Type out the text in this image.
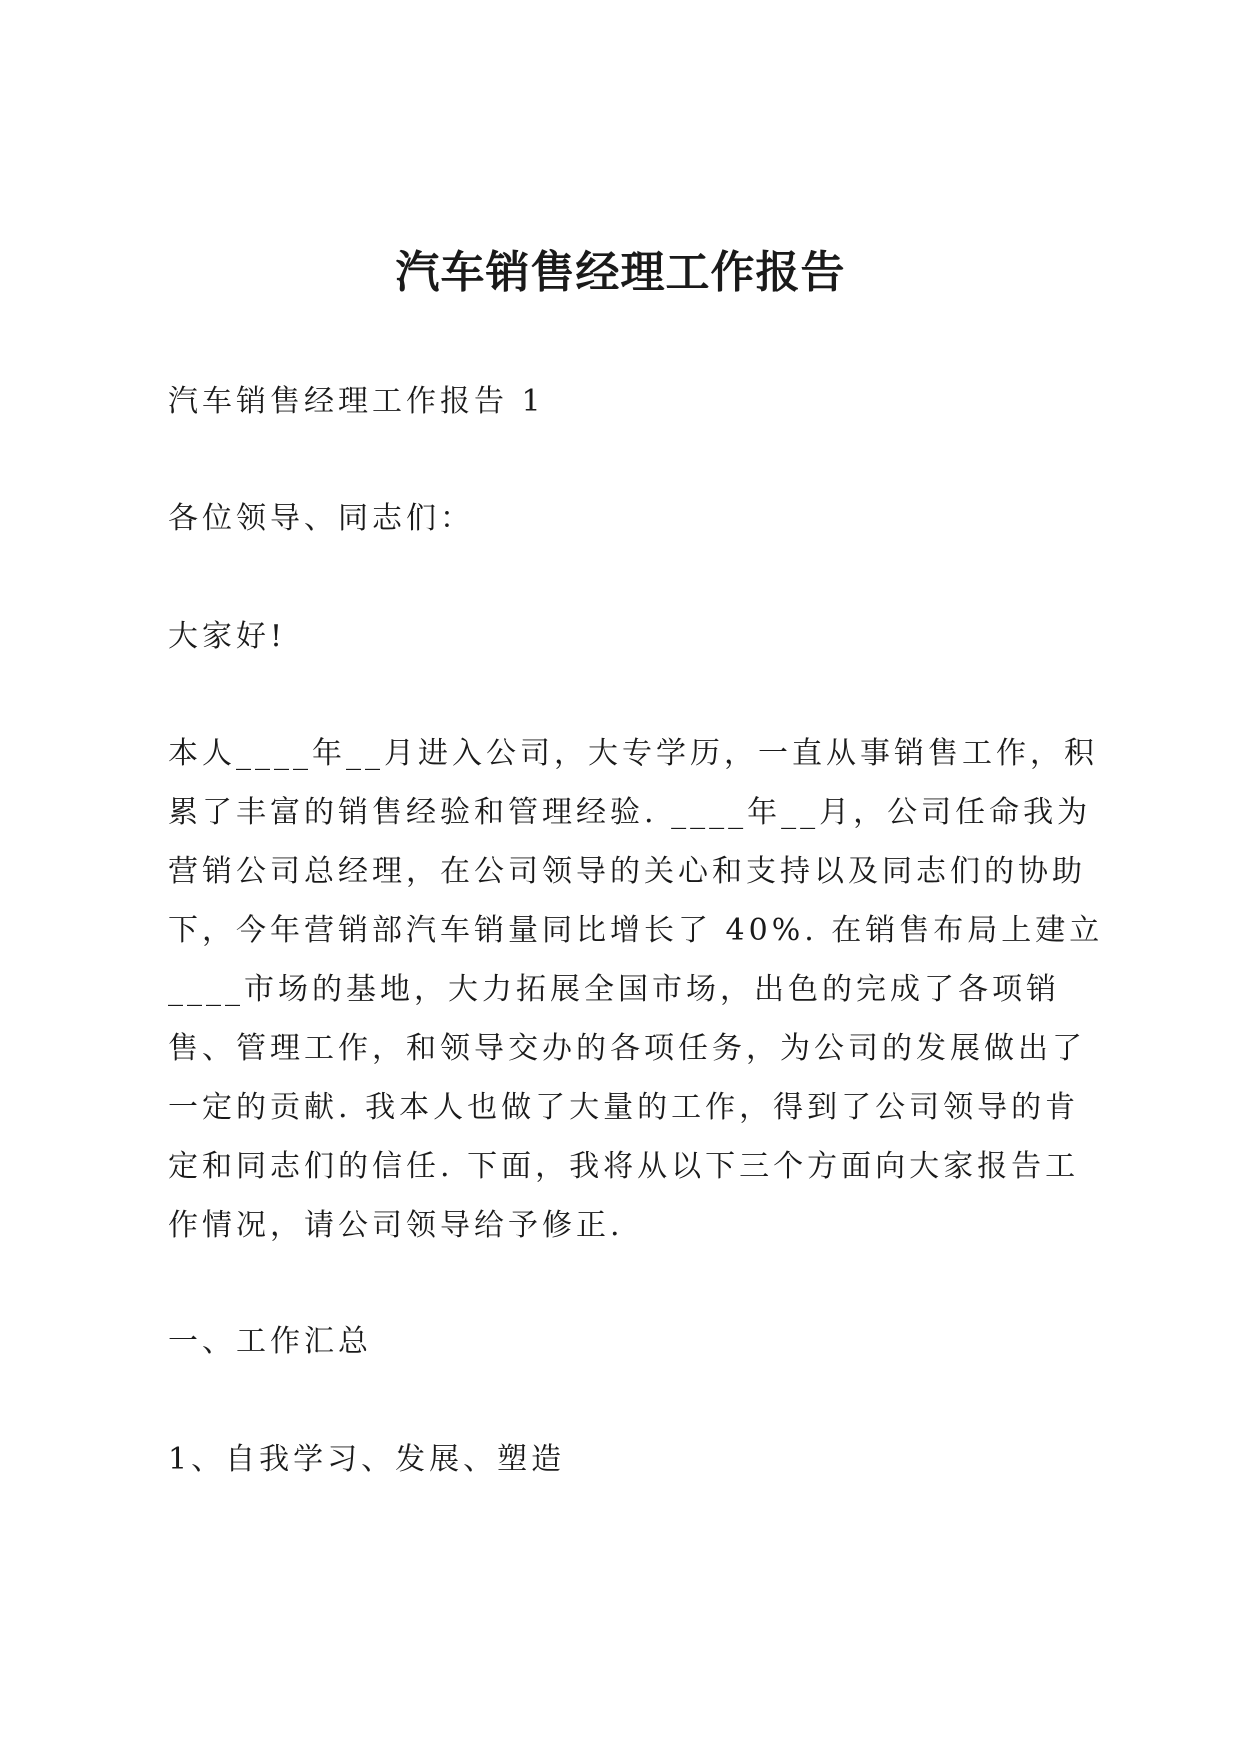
汽车销售经理工作报告

汽车销售经理工作报告 1

各位领导、同志们：

大家好!

本人____年__月进入公司，大专学历，一直从事销售工作，积
累了丰富的销售经验和管理经验. ____年__月，公司任命我为
营销公司总经理，在公司领导的关心和支持以及同志们的协助
下，今年营销部汽车销量同比增长了 40%. 在销售布局上建立
____市场的基地，大力拓展全国市场，出色的完成了各项销
售、管理工作，和领导交办的各项任务，为公司的发展做出了
一定的贡献. 我本人也做了大量的工作，得到了公司领导的肯
定和同志们的信任. 下面，我将从以下三个方面向大家报告工
作情况，请公司领导给予修正.

一、工作汇总

1、自我学习、发展、塑造
